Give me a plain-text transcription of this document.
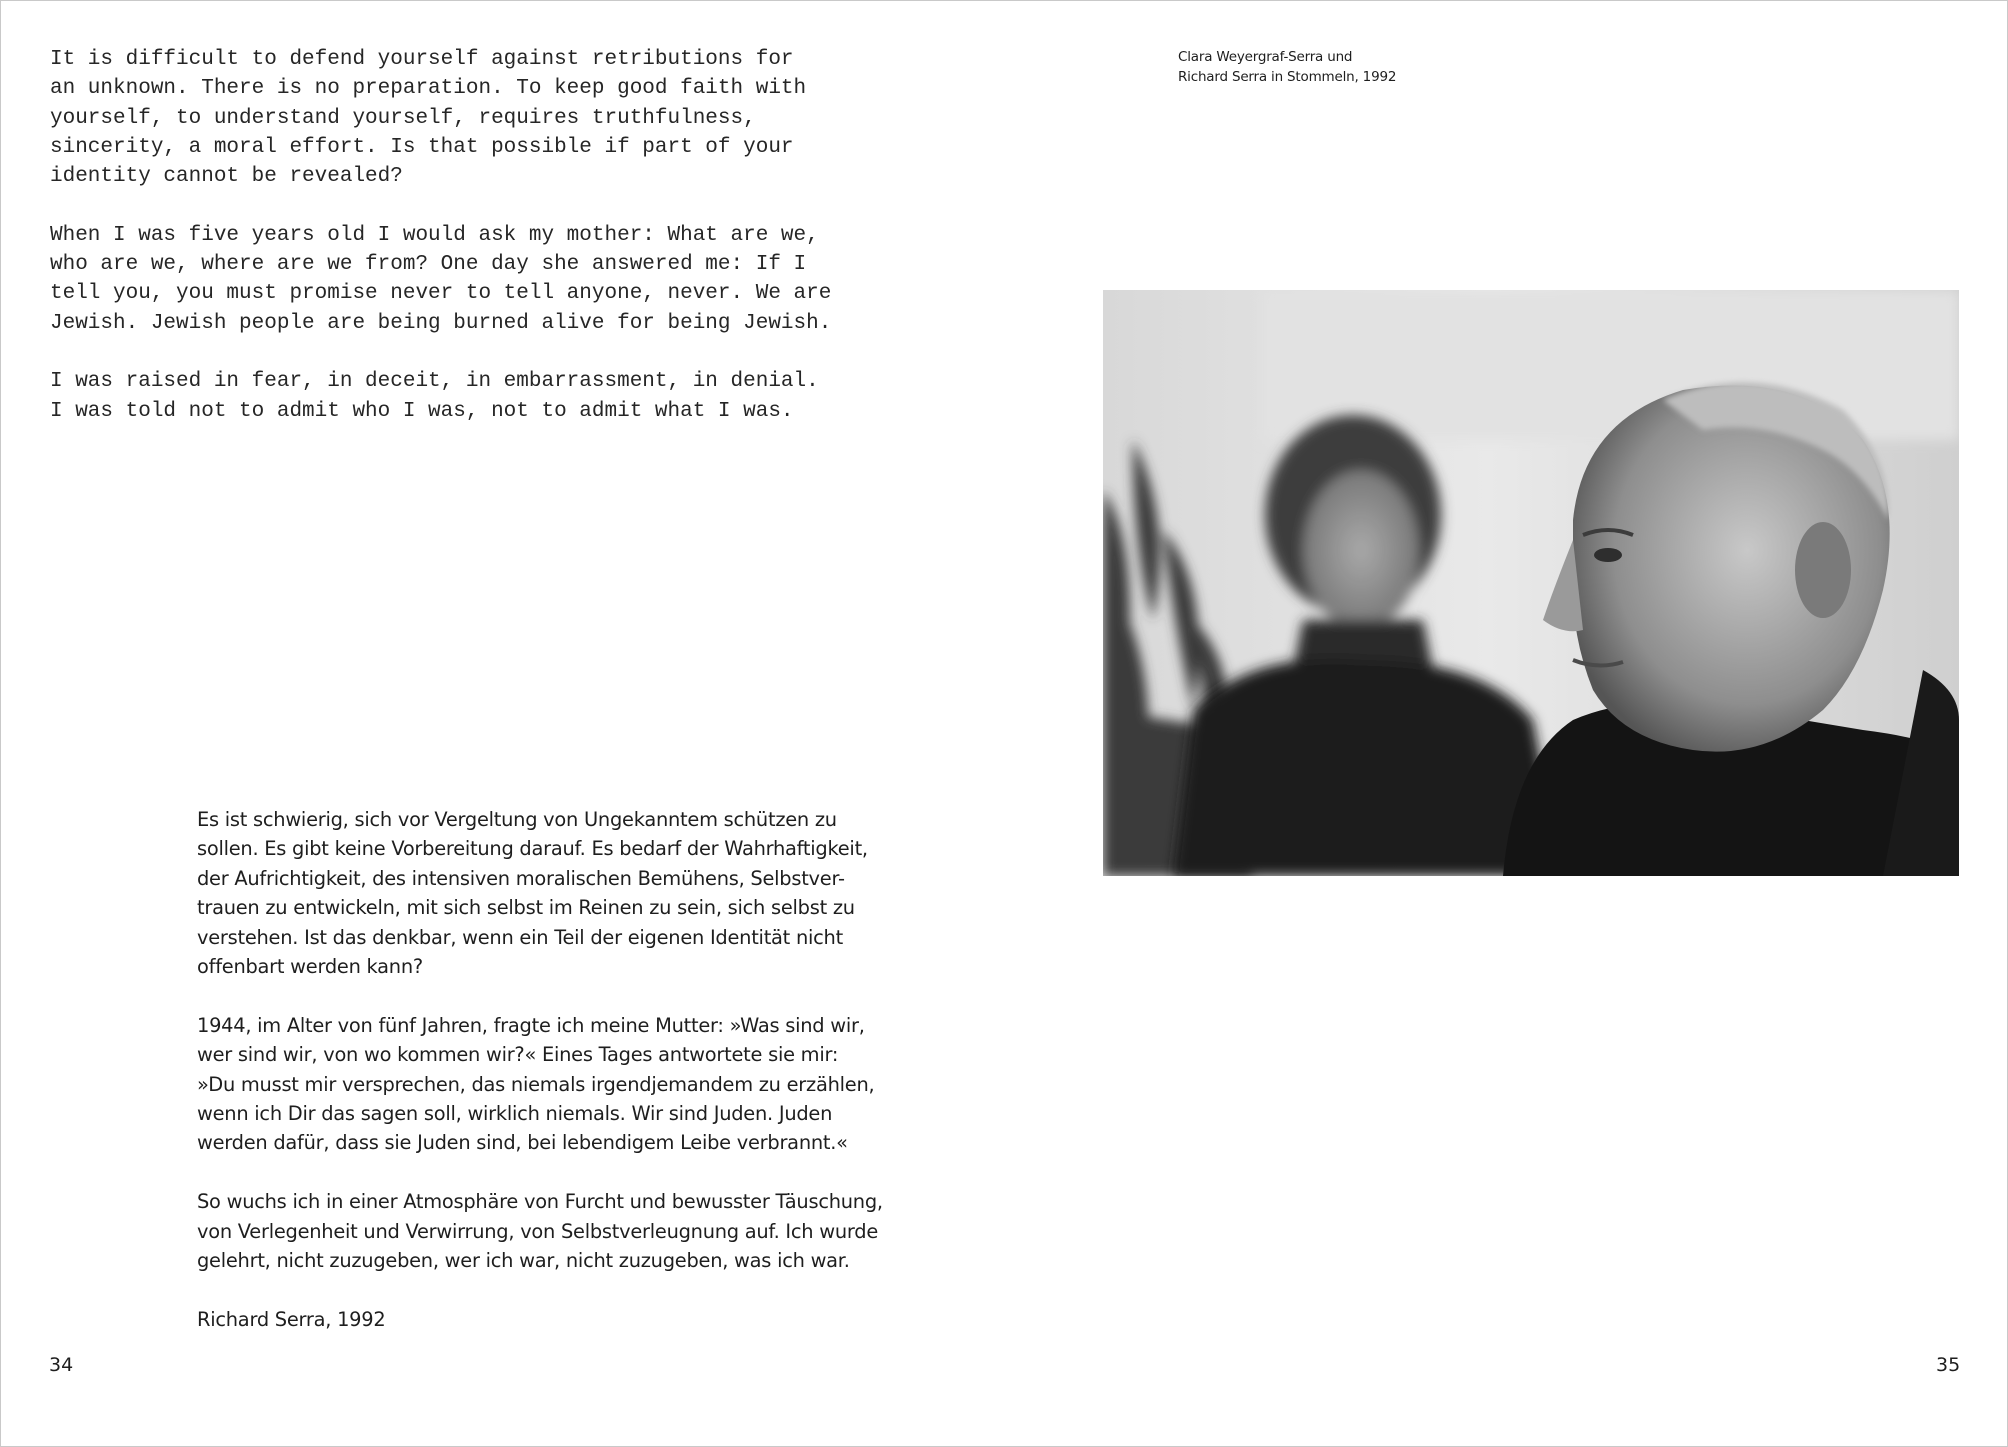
It is difficult to defend yourself against retributions for
an unknown. There is no preparation. To keep good faith with
yourself, to understand yourself, requires truthfulness,
sincerity, a moral effort. Is that possible if part of your
identity cannot be revealed?

When I was five years old I would ask my mother: What are we,
who are we, where are we from? One day she answered me: If I
tell you, you must promise never to tell anyone, never. We are
Jewish. Jewish people are being burned alive for being Jewish.

I was raised in fear, in deceit, in embarrassment, in denial.
I was told not to admit who I was, not to admit what I was.

Clara Weyergraf-Serra und
Richard Serra in Stommeln, 1992

Es ist schwierig, sich vor Vergeltung von Ungekanntem schützen zu
sollen. Es gibt keine Vorbereitung darauf. Es bedarf der Wahrhaftigkeit,
der Aufrichtigkeit, des intensiven moralischen Bemühens, Selbstver-
trauen zu entwickeln, mit sich selbst im Reinen zu sein, sich selbst zu
verstehen. Ist das denkbar, wenn ein Teil der eigenen Identität nicht
offenbart werden kann?

1944, im Alter von fünf Jahren, fragte ich meine Mutter: »Was sind wir,
wer sind wir, von wo kommen wir?« Eines Tages antwortete sie mir:
»Du musst mir versprechen, das niemals irgendjemandem zu erzählen,
wenn ich Dir das sagen soll, wirklich niemals. Wir sind Juden. Juden
werden dafür, dass sie Juden sind, bei lebendigem Leibe verbrannt.«

So wuchs ich in einer Atmosphäre von Furcht und bewusster Täuschung,
von Verlegenheit und Verwirrung, von Selbstverleugnung auf. Ich wurde
gelehrt, nicht zuzugeben, wer ich war, nicht zuzugeben, was ich war.

Richard Serra, 1992

34	35
